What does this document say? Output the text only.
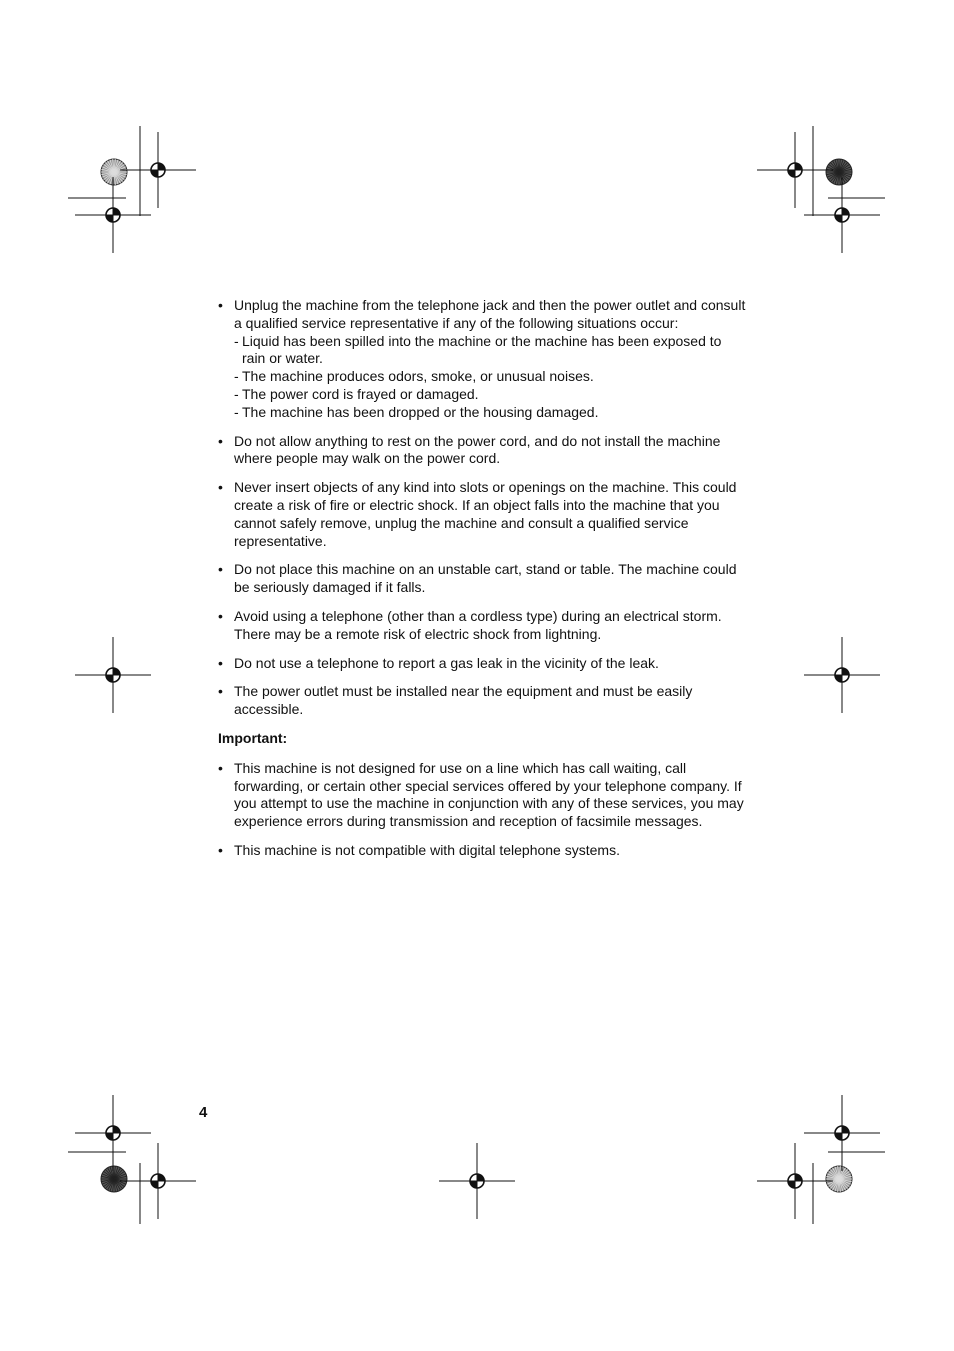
• Unplug the machine from the telephone jack and then the power outlet and consult a qualified service representative if any of the following situations occur:
- Liquid has been spilled into the machine or the machine has been exposed to rain or water.
- The machine produces odors, smoke, or unusual noises.
- The power cord is frayed or damaged.
- The machine has been dropped or the housing damaged.
• Do not allow anything to rest on the power cord, and do not install the machine where people may walk on the power cord.
• Never insert objects of any kind into slots or openings on the machine. This could create a risk of fire or electric shock. If an object falls into the machine that you cannot safely remove, unplug the machine and consult a qualified service representative.
• Do not place this machine on an unstable cart, stand or table. The machine could be seriously damaged if it falls.
• Avoid using a telephone (other than a cordless type) during an electrical storm. There may be a remote risk of electric shock from lightning.
• Do not use a telephone to report a gas leak in the vicinity of the leak.
• The power outlet must be installed near the equipment and must be easily accessible.
Important:
• This machine is not designed for use on a line which has call waiting, call forwarding, or certain other special services offered by your telephone company. If you attempt to use the machine in conjunction with any of these services, you may experience errors during transmission and reception of facsimile messages.
• This machine is not compatible with digital telephone systems.
4
